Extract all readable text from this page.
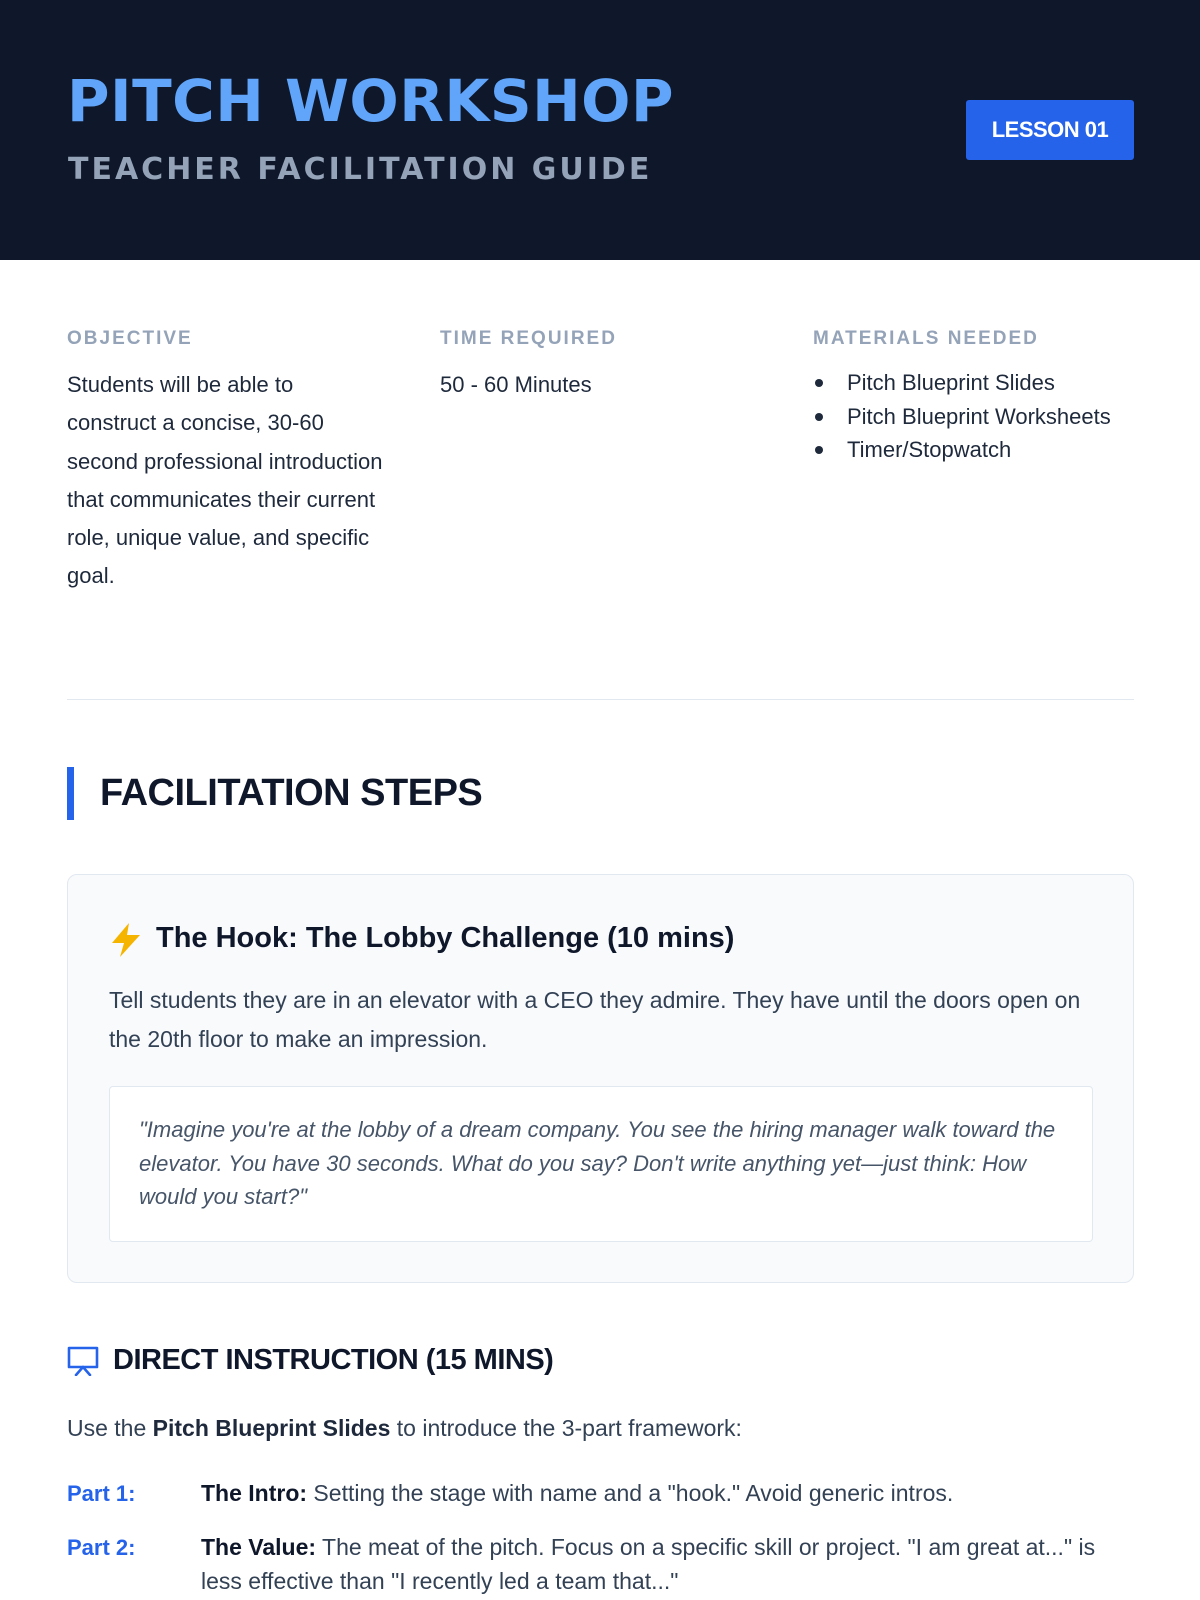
PITCH WORKSHOP
TEACHER FACILITATION GUIDE
LESSON 01
OBJECTIVE
Students will be able to construct a concise, 30-60 second professional introduction that communicates their current role, unique value, and specific goal.
TIME REQUIRED
50 - 60 Minutes
MATERIALS NEEDED
Pitch Blueprint Slides
Pitch Blueprint Worksheets
Timer/Stopwatch
FACILITATION STEPS
The Hook: The Lobby Challenge (10 mins)
Tell students they are in an elevator with a CEO they admire. They have until the doors open on the 20th floor to make an impression.
"Imagine you're at the lobby of a dream company. You see the hiring manager walk toward the elevator. You have 30 seconds. What do you say? Don't write anything yet—just think: How would you start?"
DIRECT INSTRUCTION (15 MINS)
Use the Pitch Blueprint Slides to introduce the 3-part framework:
Part 1:	The Intro: Setting the stage with name and a "hook." Avoid generic intros.
Part 2:	The Value: The meat of the pitch. Focus on a specific skill or project. "I am great at..." is less effective than "I recently led a team that..."
